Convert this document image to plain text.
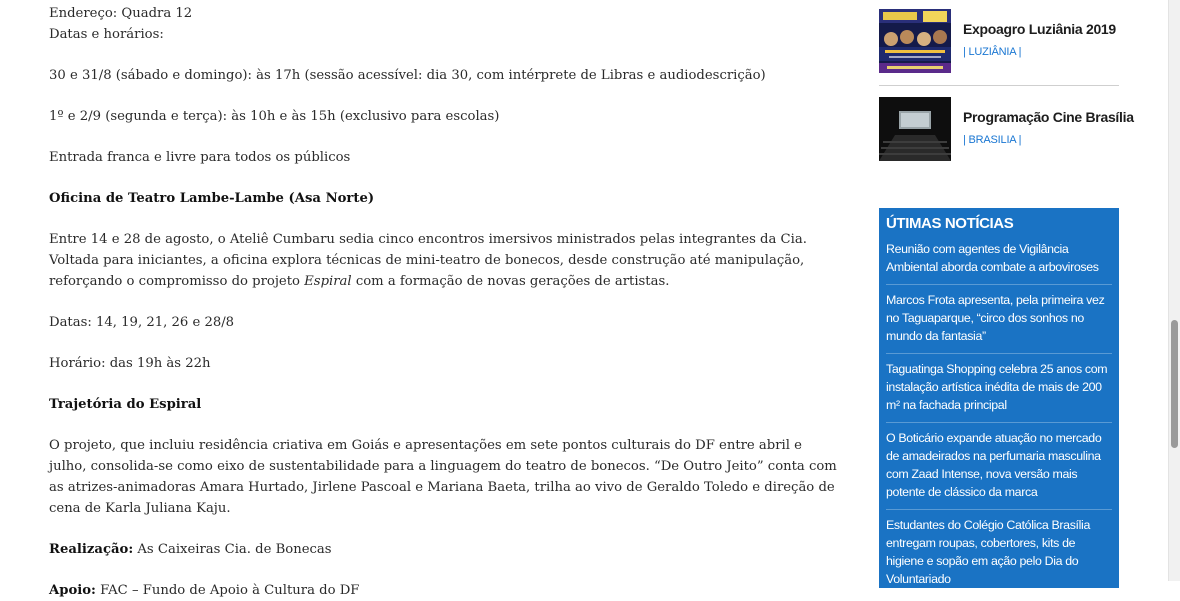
Endereço: Quadra 12

Datas e horários:

30 e 31/8 (sábado e domingo): às 17h (sessão acessível: dia 30, com intérprete de Libras e audiodescrição)

1º e 2/9 (segunda e terça): às 10h e às 15h (exclusivo para escolas)

Entrada franca e livre para todos os públicos

Oficina de Teatro Lambe-Lambe (Asa Norte)

Entre 14 e 28 de agosto, o Ateliê Cumbaru sedia cinco encontros imersivos ministrados pelas integrantes da Cia. Voltada para iniciantes, a oficina explora técnicas de mini-teatro de bonecos, desde construção até manipulação, reforçando o compromisso do projeto Espiral com a formação de novas gerações de artistas.

Datas: 14, 19, 21, 26 e 28/8

Horário: das 19h às 22h

Trajetória do Espiral

O projeto, que incluiu residência criativa em Goiás e apresentações em sete pontos culturais do DF entre abril e julho, consolida-se como eixo de sustentabilidade para a linguagem do teatro de bonecos. “De Outro Jeito” conta com as atrizes-animadoras Amara Hurtado, Jirlene Pascoal e Mariana Baeta, trilha ao vivo de Geraldo Toledo e direção de cena de Karla Juliana Kaju.

Realização: As Caixeiras Cia. de Bonecas

Apoio: FAC – Fundo de Apoio à Cultura do DF

Expoagro Luziânia 2019
| LUZIÂNIA |
Programação Cine Brasília
| BRASILIA |
ÚTIMAS NOTÍCIAS

Reunião com agentes de Vigilância Ambiental aborda combate a arboviroses

Marcos Frota apresenta, pela primeira vez no Taguaparque, “circo dos sonhos no mundo da fantasia”

Taguatinga Shopping celebra 25 anos com instalação artística inédita de mais de 200 m² na fachada principal

O Boticário expande atuação no mercado de amadeirados na perfumaria masculina com Zaad Intense, nova versão mais potente de clássico da marca

Estudantes do Colégio Católica Brasília entregam roupas, cobertores, kits de higiene e sopão em ação pelo Dia do Voluntariado
